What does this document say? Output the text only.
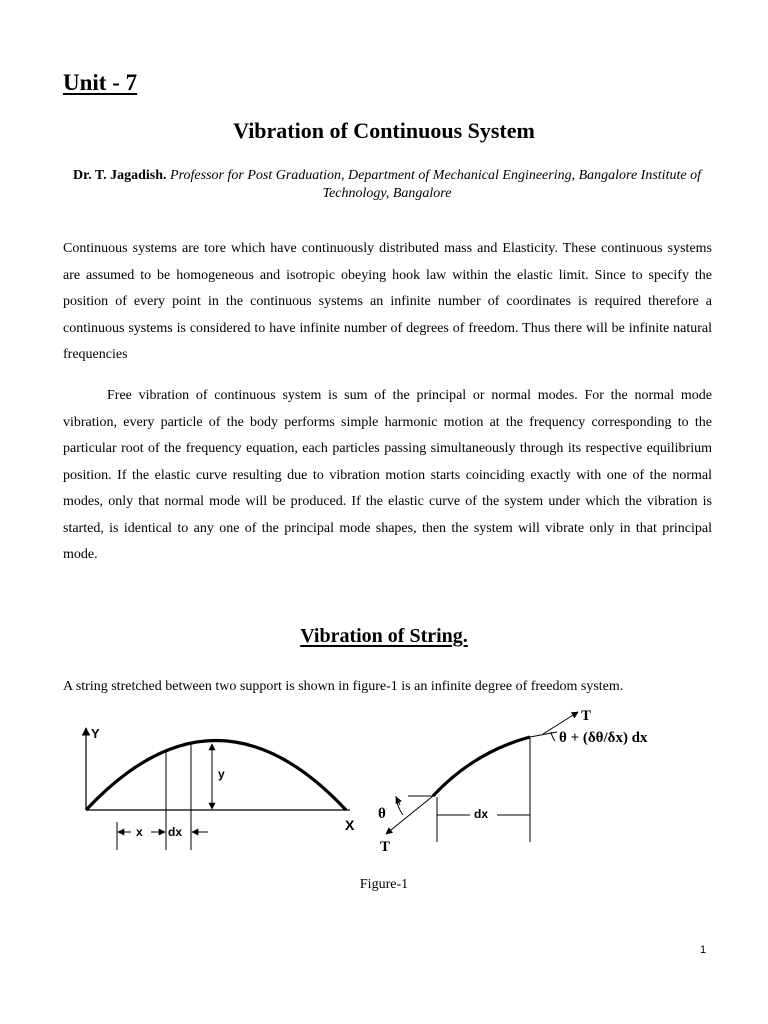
Unit - 7
Vibration of Continuous System
Dr. T. Jagadish. Professor for Post Graduation, Department of Mechanical Engineering, Bangalore Institute of Technology, Bangalore

Continuous systems are tore which have continuously distributed mass and Elasticity. These continuous systems are assumed to be homogeneous and isotropic obeying hook law within the elastic limit. Since to specify the position of every point in the continuous systems an infinite number of coordinates is required therefore a continuous systems is considered to have infinite number of degrees of freedom. Thus there will be infinite natural frequencies

Free vibration of continuous system is sum of the principal or normal modes. For the normal mode vibration, every particle of the body performs simple harmonic motion at the frequency corresponding to the particular root of the frequency equation, each particles passing simultaneously through its respective equilibrium position. If the elastic curve resulting due to vibration motion starts coinciding exactly with one of the normal modes, only that normal mode will be produced. If the elastic curve of the system under which the vibration is started, is identical to any one of the principal mode shapes, then the system will vibrate only in that principal mode.

Vibration of String.

A string stretched between two support is shown in figure-1 is an infinite degree of freedom system.

Y
X
y
x dx
T
θ + (δθ/δx) dx
θ
T
dx

Figure-1

1
